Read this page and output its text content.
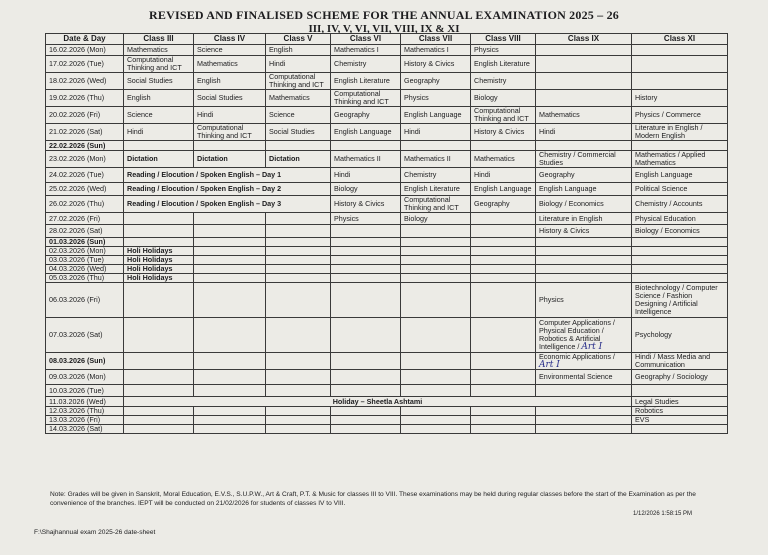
REVISED AND FINALISED SCHEME FOR THE ANNUAL EXAMINATION 2025 – 26
III, IV, V, VI, VII, VIII, IX & XI
Date & Day	Class III	Class IV	Class V	Class VI	Class VII	Class VIII	Class IX	Class XI
16.02.2026 (Mon)	Mathematics	Science	English	Mathematics I	Mathematics I	Physics		
17.02.2026 (Tue)	Computational Thinking and ICT	Mathematics	Hindi	Chemistry	History & Civics	English Literature		
18.02.2026 (Wed)	Social Studies	English	Computational Thinking and ICT	English Literature	Geography	Chemistry		
19.02.2026 (Thu)	English	Social Studies	Mathematics	Computational Thinking and ICT	Physics	Biology		History
20.02.2026 (Fri)	Science	Hindi	Science	Geography	English Language	Computational Thinking and ICT	Mathematics	Physics / Commerce
21.02.2026 (Sat)	Hindi	Computational Thinking and ICT	Social Studies	English Language	Hindi	History & Civics	Hindi	Literature in English / Modern English
22.02.2026 (Sun)								
23.02.2026 (Mon)	Dictation	Dictation	Dictation	Mathematics II	Mathematics II	Mathematics	Chemistry / Commercial Studies	Mathematics / Applied Mathematics
24.02.2026 (Tue)	Reading / Elocution / Spoken English – Day 1			Hindi	Chemistry	Hindi	Geography	English Language
25.02.2026 (Wed)	Reading / Elocution / Spoken English – Day 2			Biology	English Literature	English Language	English Language	Political Science
26.02.2026 (Thu)	Reading / Elocution / Spoken English – Day 3			History & Civics	Computational Thinking and ICT	Geography	Biology / Economics	Chemistry / Accounts
27.02.2026 (Fri)				Physics	Biology		Literature in English	Physical Education
28.02.2026 (Sat)							History & Civics	Biology / Economics
01.03.2026 (Sun)								
02.03.2026 (Mon)	Holi Holidays							
03.03.2026 (Tue)	Holi Holidays							
04.03.2026 (Wed)	Holi Holidays							
05.03.2026 (Thu)	Holi Holidays							
06.03.2026 (Fri)							Physics	Biotechnology / Computer Science / Fashion Designing / Artificial Intelligence
07.03.2026 (Sat)							Computer Applications / Physical Education / Robotics & Artificial Intelligence / Art I	Psychology
08.03.2026 (Sun)							Economic Applications / Art I	Hindi / Mass Media and Communication
09.03.2026 (Mon)							Environmental Science	Geography / Sociology
10.03.2026 (Tue)								
11.03.2026 (Wed)	Holiday – Sheetla Ashtami							Legal Studies
12.03.2026 (Thu)								Robotics
13.03.2026 (Fri)								EVS
14.03.2026 (Sat)								
Note: Grades will be given in Sanskrit, Moral Education, E.V.S., S.U.P.W., Art & Craft, P.T. & Music for classes III to VIII. These examinations may be held during regular classes before the start of the Examination as per the convenience of the branches. IEPT will be conducted on 21/02/2026 for students of classes IV to VIII.
1/12/2026 1:58:15 PM
F:\Shajhannual exam 2025-26 date-sheet
